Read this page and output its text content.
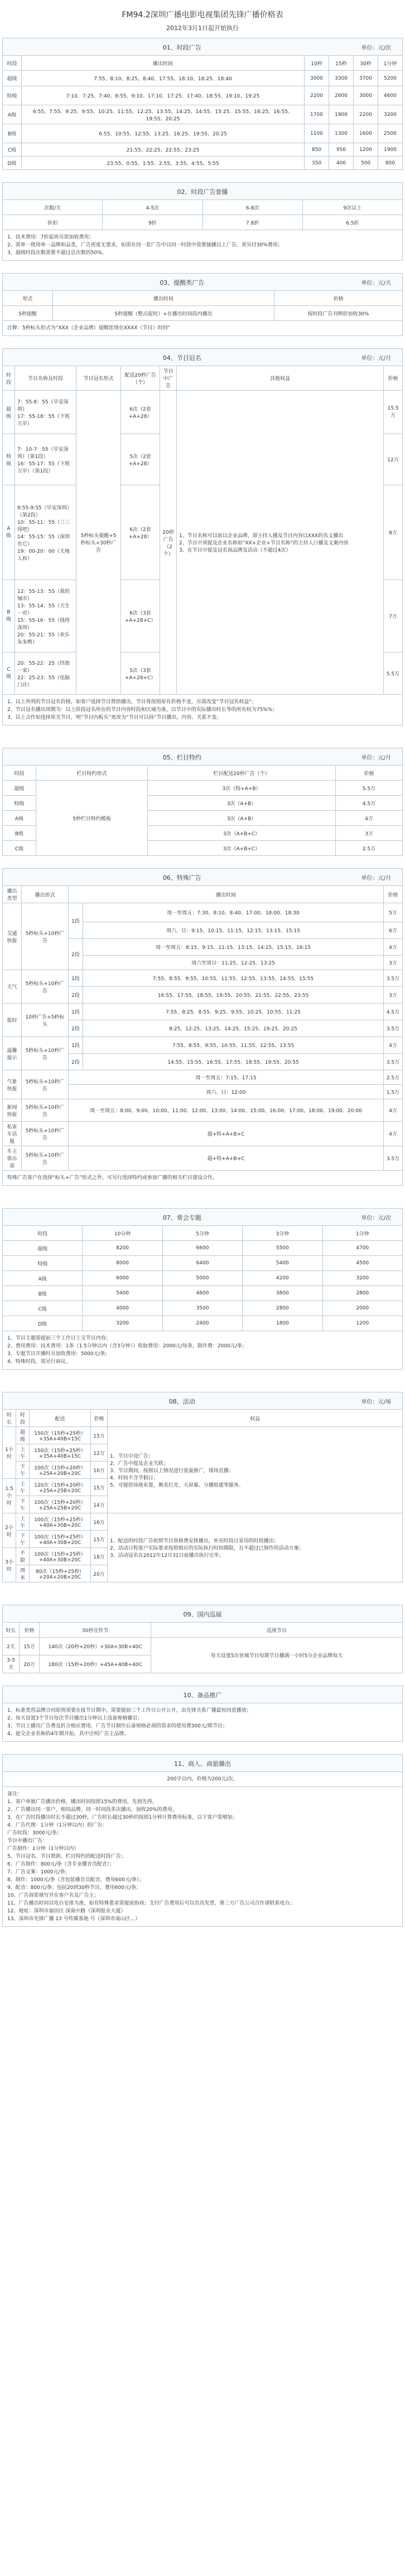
FM94.2深圳广播电影电视集团先锋广播价格表
2012年3月1日起开始执行
01、时段广告	单位：元/次
时段	播出时间	10秒	15秒	30秒	1分钟
超级	7:55、8:10、8:25、8:40、17:55、18:10、18:25、18:40	3000	3300	3700	5200
特级	7:10、7:25、7:40、8:55、9:10、17:10、17:25、17:40、18:55、19:10、19:25	2200	2600	3000	4600
A级	6:55、7:55、9:25、9:55、10:25、11:55、12:25、13:55、14:25、14:55、15:25、15:55、16:25、16:55、19:55、20:25	1700	1900	2200	3200
B级	6:55、10:55、12:55、13:25、16:25、19:55、20:25	1100	1300	1600	2500
C级	21:55、22:25、22:55、23:25	850	950	1200	1900
D级	23:55、0:55、1:55、2:55、3:55、4:55、5:55	350	400	500	800
02、时段广告套播
次数/天	4-5次	6-8次	9次以上
折扣	9折	7.8折	6.5折
1、技术费用：7折起再另需加收费用；
2、需单一使用单一品牌和品类，广告密度无要求，如需在同一套广告中以同一时段中需要插播以上广告，须另付30%费用；
3、超级时段次数需要不超过总次数的50%。
03、提醒类广告	单位：元/天
形式	播出时间	价格
5秒提醒	5秒提醒（整点报时）+在播出时间段内播出	按时段广告刊例价加收30%
注释：5秒标头形式为“XXX（企业品牌）提醒您现在XXXX（节目）时间”
04、节目冠名	单位：元/月
时段	节目名称及时段	节目冠名形式	配送20秒广告（个）	节目中广告	其他权益	价格
超级	7：55-8：55（早安深圳）
17：55-18：55（下班万岁）	5秒标头提醒+5秒标头+30秒广告	6次（2套+A+28）	20秒广告（2个）	1、节目名称可以前以企业品牌，即主持人播及节目内容以XXX的名义播出
2、节目中须提及企业名称如“XX+企业+节目名称”的主持人口播及文案内容
3、在节目中提及冠名商品牌及活动（不超过4次）	15.5万
特级	7：10-7：55（早安深圳）（第1段）
16：55-17：55（下班万岁）（第1段）		5次（2套+A+28）			12万
A级	8:55-9:55（早安深圳）（第2段）
10：55-11：55（三三得吧）
14：55-15：55（深圳有它）
19：00-20：00（天地人和）		6次（2套+A+28）			8万
B级	12：55-13：55（我的城市）
13：55-14：55（天生一对）
15：55-16：55（钱得深圳）
20：55-21：55（欢乐朱朱鸭）		6次（3套+A+28+C）			7万
C级	20：55-22：25（四海一家）
22：25-23：55（电脑门诊）		5次（3套+A+28+C）			5.5万
1、以上所列的节目冠名价格，如客户选择节目赞助播出，节目将按照原有价格不变，另需改变“节目冠名权益”；
2、节目冠名播出周期为：以上阶段冠名所在的节目内容时段和区域为准，以节目中的实际播出时长等的所有权为75%%；
3、以上合作如选择库关节目，则“节目内板头”更改为“节目可以扬”节目播出，内容、关系不变。
05、栏目特约	单位：元/月
时段	栏目特约形式	栏目配送20秒广告（个）	价格
超级	5秒栏目特约模板	3次（特+A+B）	5.5万
特级		3次（A+B）	4.5万
A级		3次（A+B）	4万
B级		3次（A+B+C）	3万
C级		3次（A+B+C）	2.5万
06、特殊广告	单位：元/月
播出类型	播出形式	播出时间		价格
交通快报	5秒标头+10秒广告	1段	周一至周五：7:30、8:10、8:40、17:00、18:00、18:30	5万
			周六、日：9:15、10:15、11:15、12:15、13:15、15:15	6万
		2段	周一至周五：8:15、9:15、11:15、13:15、14:15、15:15、16:15	4万
			周六至周日：11:25、12:25、13:25	3万
天气	5秒标头+10秒广告	1段	7:55、8:55、9:55、10:55、11:55、12:55、13:55、14:55、15:55	3.5万
		2段	16:55、17:55、18:55、19:55、20:55、21:55、22:55、23:55	3万
报时	10秒广告+5秒标头	1段	7:55、8:25、8:55、9:25、9:55、10:25、10:55、11:25	4.5万
		2段	8:25、12:25、13:25、14:25、15:25、19:25、20:25	3.5万
温馨提示	5秒标头+10秒广告	1段	7:55、8:55、9:55、10:55、11:55、12:55、13:55	4万
		2段	14:55、15:55、16:55、17:55、18:55、19:55、20:55	3.5万
气象快报	5秒标头+10秒广告	周一至周五：7:15、17:15		2.5万
		周六、日：12:00		1.5万
新闻快报	5秒标头+10秒广告	周一至周五：8:00、9:00、10:00、11:00、12:00、13:00、14:00、15:00、16:00、17:00、18:00、19:00、20:00		4万
私家车话题	5秒标头+10秒广告	超+特+A+B+C		4万
车主俱乐部	5秒标头+10秒广告	超+特+A+B+C		3.5万
特殊广告客户在选择“标头+广告”形式之外，可另行选择特约或参加广播的相关栏目建设合作。
07、常会专题	单位：元/次
时段	10分钟	5分钟	3分钟	1分钟
超级	8200	6600	5500	4700
特级	8000	6400	5400	4500
A级	6000	5000	4200	3200
B级	5400	4600	3800	2800
C级	4000	3500	2800	2000
D级	3200	2400	1800	1200
1、节目主题需提前三个工作日上交节目内容；
2、费用费用：技术费用：1条（1.5分钟以内（含3分钟））收取费用：2000元/每条，制作费：2000元/条；
3、专题节目开播时另加收费用：5000元/条；
4、特殊时段，需另行商议。
08、活动	单位：元/场
时长	时段	配送	价格	权益
1小时	超级	150次（15秒+25秒）+35A+40B+15C	15万	1、节目中设广告；
2、广告中提及企业关联；
3、节目期间，按照以上情况进行流量推广，现场直播；
4、时间不含节假日；
5、可提供场地布置，舞美灯光、大屏幕、分播组建等服务。
	上午	150次（15秒+25秒）+35A+40B+15C	12万	
	下午	100次（15秒+20秒）+25A+20B+20C	10万	
1.5小时	上午	120次（15秒+20秒）+25A+25B+20C	15万	
	下午	100次（15秒+20秒）+25A+25B+20C	14万	
2小时	上午	100次（15秒+25秒）+40A+30B+20C	16万	1、配送的时段广告依照节目资格费安排播出，补充时段日采用的时段播出；
2、活动日程客户实际要求按照相应的实际执行时间期限，且不超过已制作的活动方案；
3、活动冠名在2012年12月31日前播出执行完毕。
	下午	100次（15秒+25秒）+40A+30B+20C	15万	
3小时	不限	100次（15秒+25秒）+40A+30B+20C	18万	
	周末	80次（15秒+25秒）+20A+20B+20C	20万	
09、国内巡展
时长	价格	30秒宣传节	巡视节目
2天	15万	140次（20秒+20秒）+30A+30B+40C	每天设置5次省城节目每期节目播满一小时5分企业品牌每天
3-5天	20万	180次（15秒+20秒）+45A+40B+40C	
10、备品推广
1、标准类营品牌合同原则须要在接节目期中，需要提前三个工作日公开公开，由先锋关系广播最短同意播放；
2、每天设置3个节目每次节目播出1分钟以上设备规格播出；
3、节目上播出广告费及折合相应费用，广告节目制作后备规格必须的需求的使用费300元/期节目；
4、提交企业名称的4年期开始，其中注明广告主品牌。
11、商人、商旅播出
200字以内，价格为200元/次。
备注：
1、客户单独广告播出价格，播出时间按照15%的费用，先到先得。
2、广告播出同一客户，相同品牌，同一时间段多次播出，加收20%的费用。
3、在广告时段播出时长不超过30秒，广告时长超过30秒的按照1分钟计算费用标准，以下客户需增加；
4、广告代理：1分钟（1分钟以内）的广告：
广告时段：3000元/条；
节目中播出广告：
广告制作：1分钟（1分钟以内）
5、节目冠名、节目赞助、栏目特约的配送时段广告；
6、广告制作：800元/条（含专业播音员配音）；
7、广告文案：1000元/条；
8、制作：1000元/条（含包装播音员配音，费用600元/条）；
9、配音：800元/条；包括20到30秒节目，费用600元/条；
10、广告商需填写并在客户名及广告主；
11、广告播出时间以电台安排为准，如有特殊要求需提前协商；支付广告费用后可以出具发票，第三方广告公司合作请联系电台；
12、地址：深圳市福田区 深南中路（深圳报业大厦）
13、深圳市先锋广播 13 号传媒基地 号（深圳市南山区...）
